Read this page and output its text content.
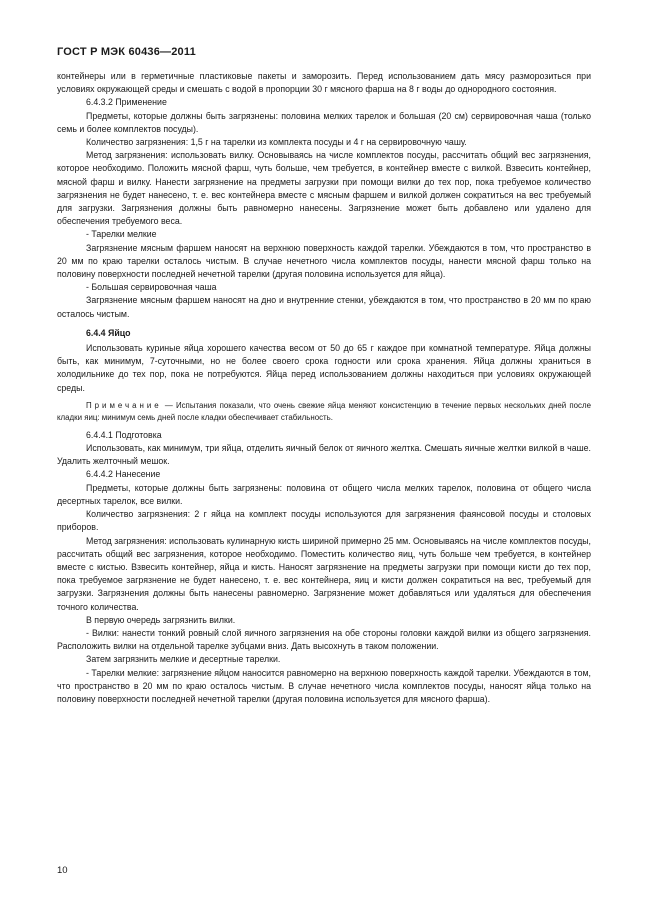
ГОСТ Р МЭК 60436—2011

контейнеры или в герметичные пластиковые пакеты и заморозить. Перед использованием дать мясу разморозиться при условиях окружающей среды и смешать с водой в пропорции 30 г мясного фарша на 8 г воды до однородного состояния.

6.4.3.2 Применение

Предметы, которые должны быть загрязнены: половина мелких тарелок и большая (20 см) сервировочная чаша (только семь и более комплектов посуды).

Количество загрязнения: 1,5 г на тарелки из комплекта посуды и 4 г на сервировочную чашу.

Метод загрязнения: использовать вилку. Основываясь на числе комплектов посуды, рассчитать общий вес загрязнения, которое необходимо. Положить мясной фарш, чуть больше, чем требуется, в контейнер вместе с вилкой. Взвесить контейнер, мясной фарш и вилку. Нанести загрязнение на предметы загрузки при помощи вилки до тех пор, пока требуемое количество загрязнения не будет нанесено, т. е. вес контейнера вместе с мясным фаршем и вилкой должен сократиться на вес требуемый для загрузки. Загрязнения должны быть равномерно нанесены. Загрязнение может быть добавлено или удалено для обеспечения требуемого веса.

- Тарелки мелкие

Загрязнение мясным фаршем наносят на верхнюю поверхность каждой тарелки. Убеждаются в том, что пространство в 20 мм по краю тарелки осталось чистым. В случае нечетного числа комплектов посуды, нанести мясной фарш только на половину поверхности последней нечетной тарелки (другая половина используется для яйца).

- Большая сервировочная чаша

Загрязнение мясным фаршем наносят на дно и внутренние стенки, убеждаются в том, что пространство в 20 мм по краю осталось чистым.

6.4.4 Яйцо

Использовать куриные яйца хорошего качества весом от 50 до 65 г каждое при комнатной температуре. Яйца должны быть, как минимум, 7-суточными, но не более своего срока годности или срока хранения. Яйца должны храниться в холодильнике до тех пор, пока не потребуются. Яйца перед использованием должны находиться при условиях окружающей среды.

Примечание — Испытания показали, что очень свежие яйца меняют консистенцию в течение первых нескольких дней после кладки яиц: минимум семь дней после кладки обеспечивает стабильность.

6.4.4.1 Подготовка

Использовать, как минимум, три яйца, отделить яичный белок от яичного желтка. Смешать яичные желтки вилкой в чаше. Удалить желточный мешок.

6.4.4.2 Нанесение

Предметы, которые должны быть загрязнены: половина от общего числа мелких тарелок, половина от общего числа десертных тарелок, все вилки.

Количество загрязнения: 2 г яйца на комплект посуды используются для загрязнения фаянсовой посуды и столовых приборов.

Метод загрязнения: использовать кулинарную кисть шириной примерно 25 мм. Основываясь на числе комплектов посуды, рассчитать общий вес загрязнения, которое необходимо. Поместить количество яиц, чуть больше чем требуется, в контейнер вместе с кистью. Взвесить контейнер, яйца и кисть. Наносят загрязнение на предметы загрузки при помощи кисти до тех пор, пока требуемое загрязнение не будет нанесено, т. е. вес контейнера, яиц и кисти должен сократиться на вес, требуемый для загрузки. Загрязнения должны быть нанесены равномерно. Загрязнение может добавляться или удаляться для обеспечения точного количества.

В первую очередь загрязнить вилки.

- Вилки: нанести тонкий ровный слой яичного загрязнения на обе стороны головки каждой вилки из общего загрязнения. Расположить вилки на отдельной тарелке зубцами вниз. Дать высохнуть в таком положении.

Затем загрязнить мелкие и десертные тарелки.

- Тарелки мелкие: загрязнение яйцом наносится равномерно на верхнюю поверхность каждой тарелки. Убеждаются в том, что пространство в 20 мм по краю осталось чистым. В случае нечетного числа комплектов посуды, наносят яйца только на половину поверхности последней нечетной тарелки (другая половина используется для мясного фарша).

10
